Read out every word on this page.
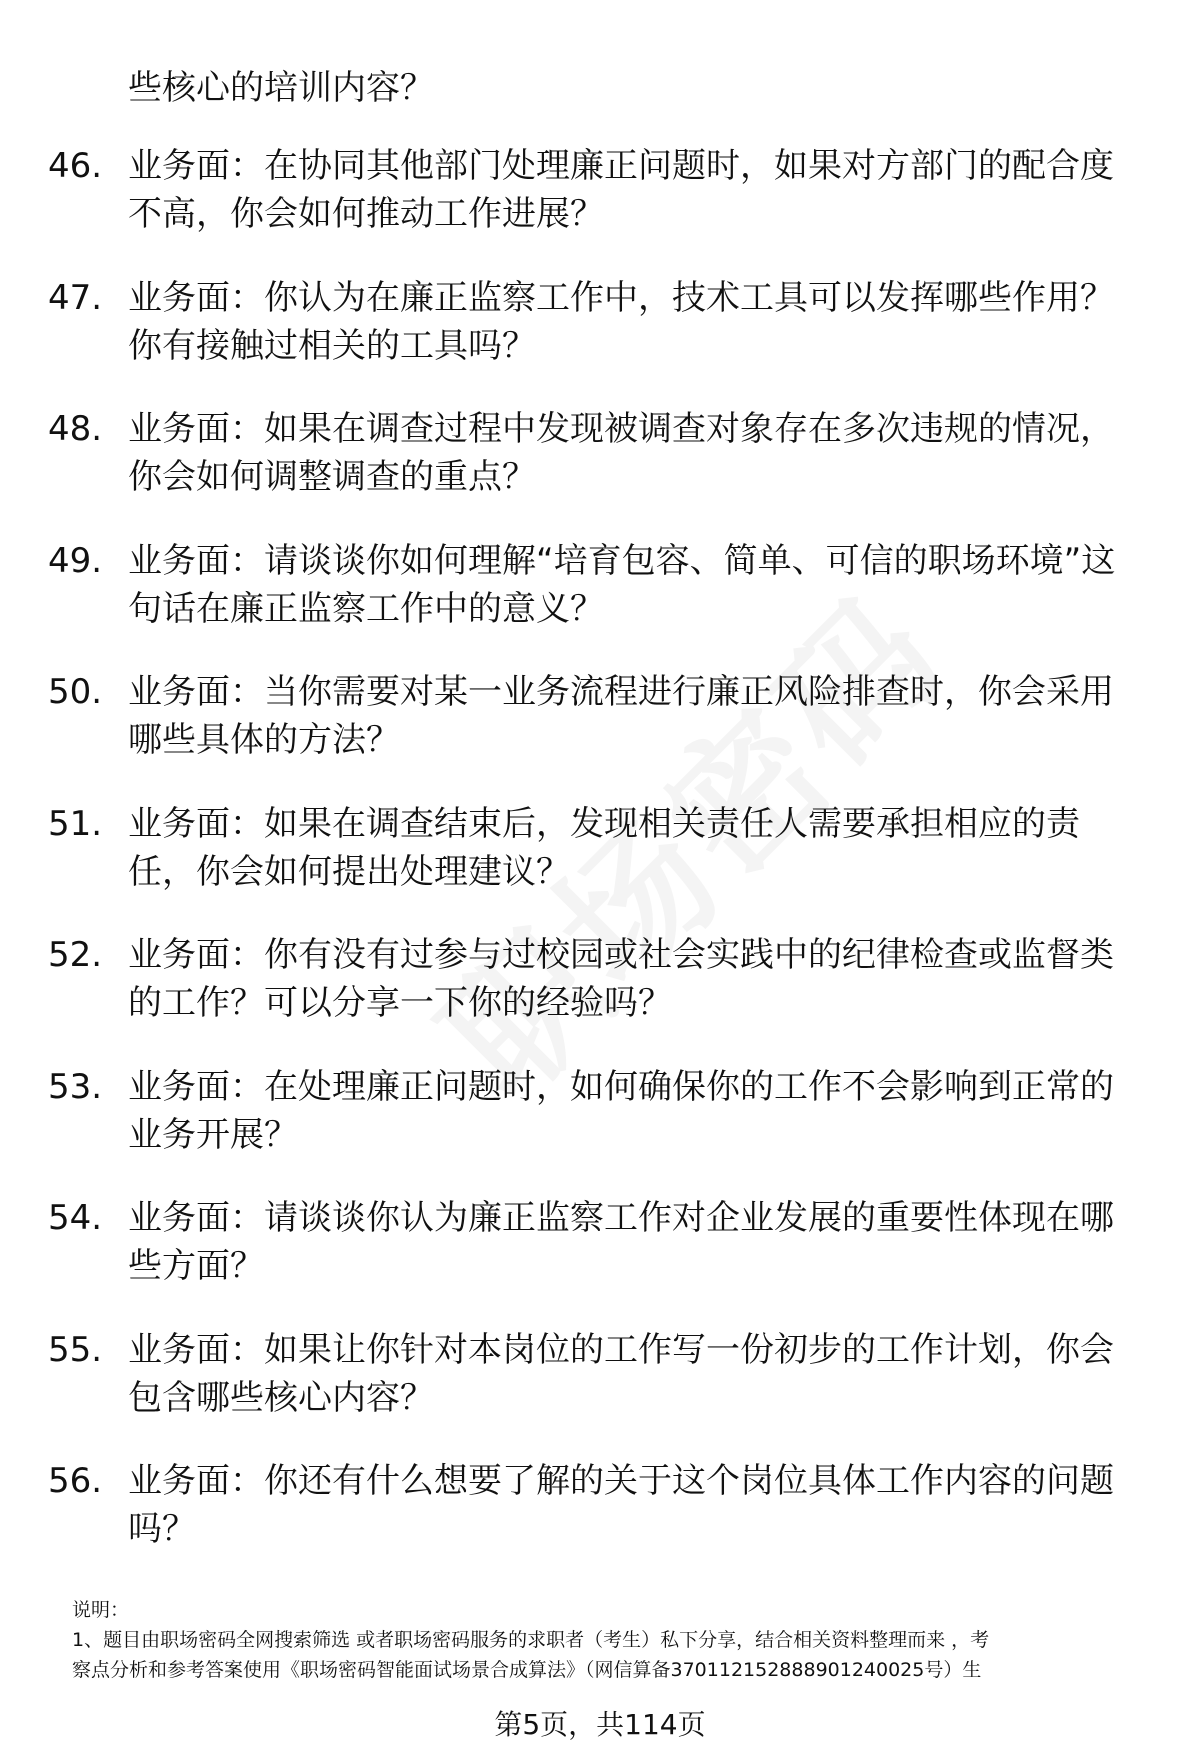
些核心的培训内容？
46. 业务面：在协同其他部门处理廉正问题时，如果对方部门的配合度不高，你会如何推动工作进展？
47. 业务面：你认为在廉正监察工作中，技术工具可以发挥哪些作用？你有接触过相关的工具吗？
48. 业务面：如果在调查过程中发现被调查对象存在多次违规的情况，你会如何调整调查的重点？
49. 业务面：请谈谈你如何理解“培育包容、简单、可信的职场环境”这句话在廉正监察工作中的意义？
50. 业务面：当你需要对某一业务流程进行廉正风险排查时，你会采用哪些具体的方法？
51. 业务面：如果在调查结束后，发现相关责任人需要承担相应的责任，你会如何提出处理建议？
52. 业务面：你有没有过参与过校园或社会实践中的纪律检查或监督类的工作？可以分享一下你的经验吗？
53. 业务面：在处理廉正问题时，如何确保你的工作不会影响到正常的业务开展？
54. 业务面：请谈谈你认为廉正监察工作对企业发展的重要性体现在哪些方面？
55. 业务面：如果让你针对本岗位的工作写一份初步的工作计划，你会包含哪些核心内容？
56. 业务面：你还有什么想要了解的关于这个岗位具体工作内容的问题吗？
说明：
1、题目由职场密码全网搜索筛选 或者职场密码服务的求职者（考生）私下分享，结合相关资料整理而来 ，考
察点分析和参考答案使用《职场密码智能面试场景合成算法》（网信算备370112152888901240025号）生
第5页，共114页
